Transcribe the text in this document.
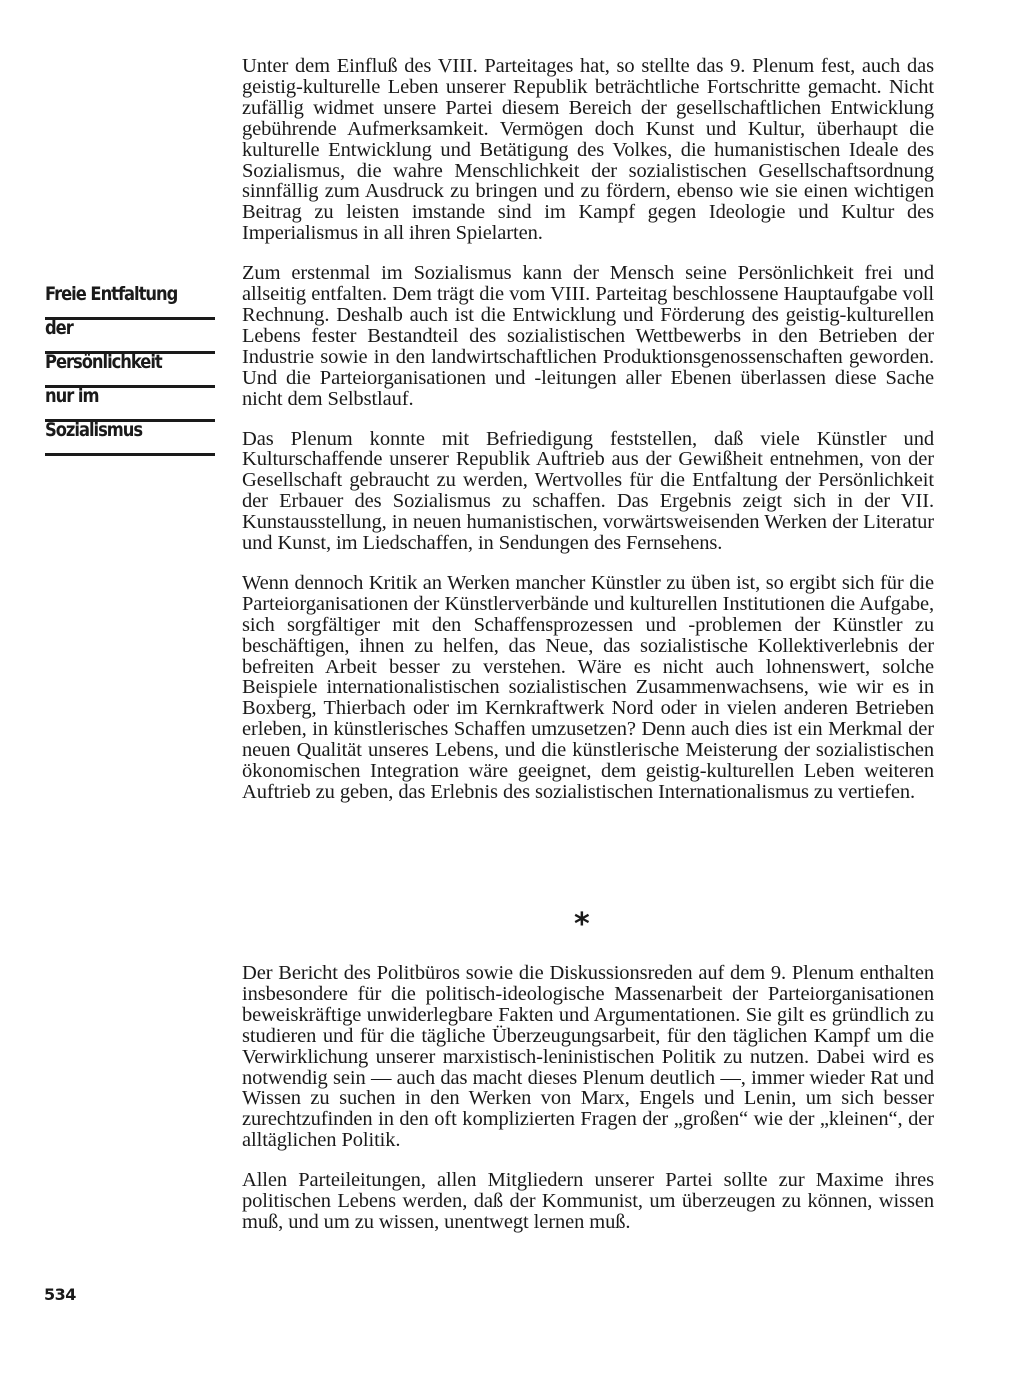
Unter dem Einfluß des VIII. Parteitages hat, so stellte das 9. Plenum fest, auch das geistig-kulturelle Leben unserer Republik beträchtliche Fortschritte gemacht. Nicht zufällig widmet unsere Partei diesem Bereich der gesellschaftlichen Entwicklung gebührende Aufmerksamkeit. Vermögen doch Kunst und Kultur, überhaupt die kulturelle Entwicklung und Betätigung des Volkes, die humanistischen Ideale des Sozialismus, die wahre Menschlichkeit der sozialistischen Gesellschaftsordnung sinnfällig zum Ausdruck zu bringen und zu fördern, ebenso wie sie einen wichtigen Beitrag zu leisten imstande sind im Kampf gegen Ideologie und Kultur des Imperialismus in all ihren Spielarten.

Zum erstenmal im Sozialismus kann der Mensch seine Persönlichkeit frei und allseitig entfalten. Dem trägt die vom VIII. Parteitag beschlossene Hauptaufgabe voll Rechnung. Deshalb auch ist die Entwicklung und Förderung des geistig-kulturellen Lebens fester Bestandteil des sozialistischen Wettbewerbs in den Betrieben der Industrie sowie in den landwirtschaftlichen Produktionsgenossenschaften geworden. Und die Parteiorganisationen und -leitungen aller Ebenen überlassen diese Sache nicht dem Selbstlauf.

Das Plenum konnte mit Befriedigung feststellen, daß viele Künstler und Kulturschaffende unserer Republik Auftrieb aus der Gewißheit entnehmen, von der Gesellschaft gebraucht zu werden, Wertvolles für die Entfaltung der Persönlichkeit der Erbauer des Sozialismus zu schaffen. Das Ergebnis zeigt sich in der VII. Kunstausstellung, in neuen humanistischen, vorwärtsweisenden Werken der Literatur und Kunst, im Liedschaffen, in Sendungen des Fernsehens.

Wenn dennoch Kritik an Werken mancher Künstler zu üben ist, so ergibt sich für die Parteiorganisationen der Künstlerverbände und kulturellen Institutionen die Aufgabe, sich sorgfältiger mit den Schaffensprozessen und -problemen der Künstler zu beschäftigen, ihnen zu helfen, das Neue, das sozialistische Kollektiverlebnis der befreiten Arbeit besser zu verstehen. Wäre es nicht auch lohnenswert, solche Beispiele internationalistischen sozialistischen Zusammenwachsens, wie wir es in Boxberg, Thierbach oder im Kernkraftwerk Nord oder in vielen anderen Betrieben erleben, in künstlerisches Schaffen umzusetzen? Denn auch dies ist ein Merkmal der neuen Qualität unseres Lebens, und die künstlerische Meisterung der sozialistischen ökonomischen Integration wäre geeignet, dem geistig-kulturellen Leben weiteren Auftrieb zu geben, das Erlebnis des sozialistischen Internationalismus zu vertiefen.

Freie Entfaltung
der
Persönlichkeit
nur im
Sozialismus
*

Der Bericht des Politbüros sowie die Diskussionsreden auf dem 9. Plenum enthalten insbesondere für die politisch-ideologische Massenarbeit der Parteiorganisationen beweiskräftige unwiderlegbare Fakten und Argumentationen. Sie gilt es gründlich zu studieren und für die tägliche Überzeugungsarbeit, für den täglichen Kampf um die Verwirklichung unserer marxistisch-leninistischen Politik zu nutzen. Dabei wird es notwendig sein — auch das macht dieses Plenum deutlich —, immer wieder Rat und Wissen zu suchen in den Werken von Marx, Engels und Lenin, um sich besser zurechtzufinden in den oft komplizierten Fragen der „großen“ wie der „kleinen“, der alltäglichen Politik.

Allen Parteileitungen, allen Mitgliedern unserer Partei sollte zur Maxime ihres politischen Lebens werden, daß der Kommunist, um überzeugen zu können, wissen muß, und um zu wissen, unentwegt lernen muß.

534
